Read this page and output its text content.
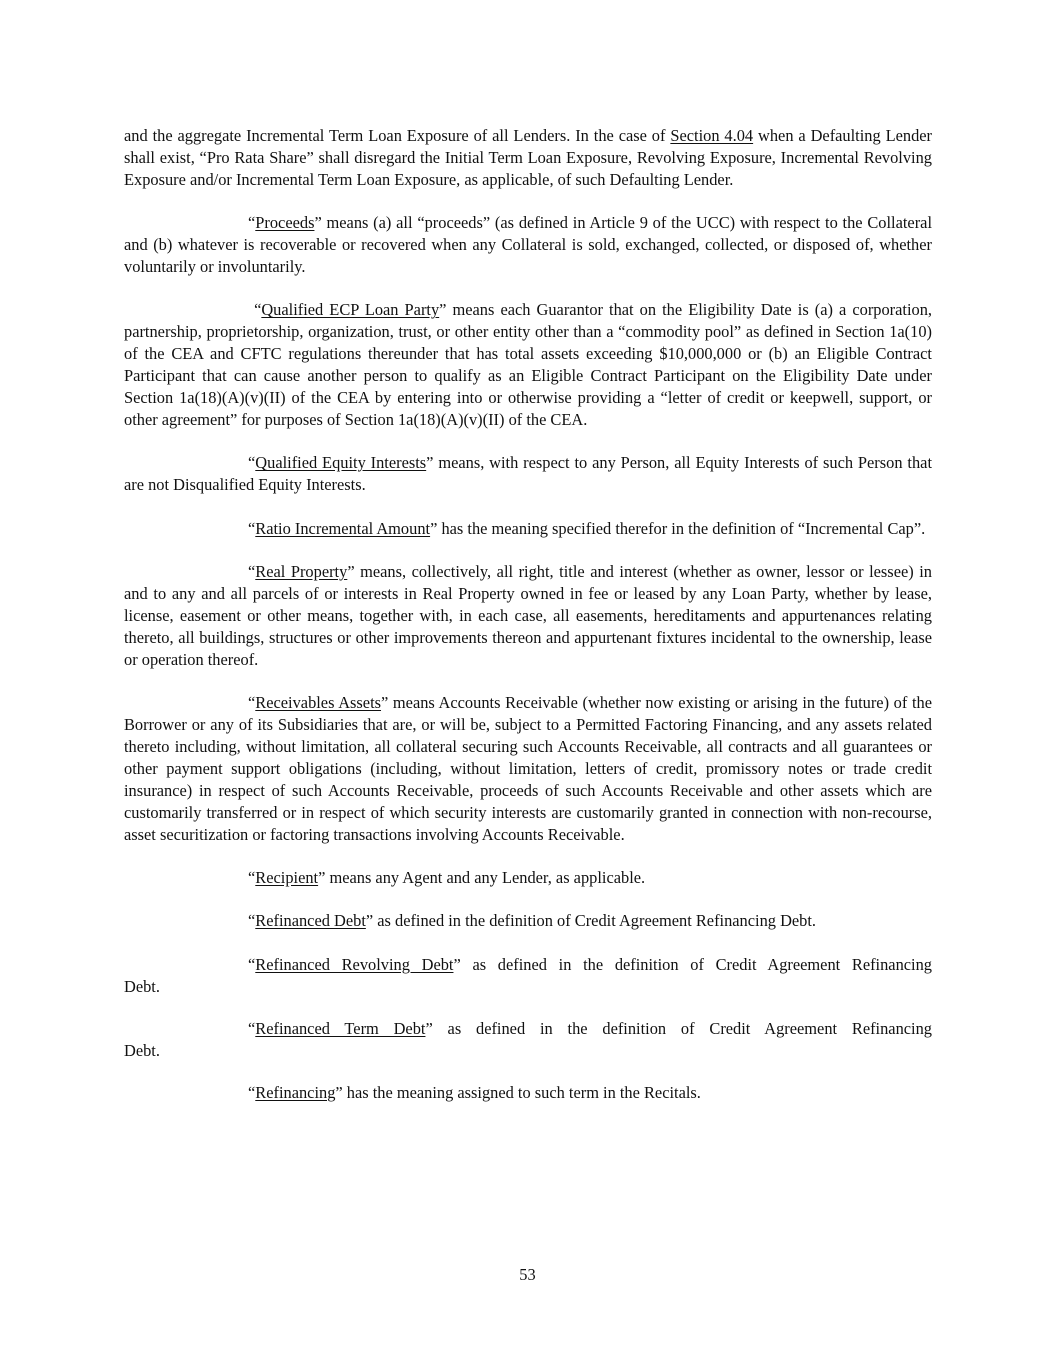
and the aggregate Incremental Term Loan Exposure of all Lenders. In the case of Section 4.04 when a Defaulting Lender shall exist, “Pro Rata Share” shall disregard the Initial Term Loan Exposure, Revolving Exposure, Incremental Revolving Exposure and/or Incremental Term Loan Exposure, as applicable, of such Defaulting Lender.

“Proceeds” means (a) all “proceeds” (as defined in Article 9 of the UCC) with respect to the Collateral and (b) whatever is recoverable or recovered when any Collateral is sold, exchanged, collected, or disposed of, whether voluntarily or involuntarily.

“Qualified ECP Loan Party” means each Guarantor that on the Eligibility Date is (a) a corporation, partnership, proprietorship, organization, trust, or other entity other than a “commodity pool” as defined in Section 1a(10) of the CEA and CFTC regulations thereunder that has total assets exceeding $10,000,000 or (b) an Eligible Contract Participant that can cause another person to qualify as an Eligible Contract Participant on the Eligibility Date under Section 1a(18)(A)(v)(II) of the CEA by entering into or otherwise providing a “letter of credit or keepwell, support, or other agreement” for purposes of Section 1a(18)(A)(v)(II) of the CEA.

“Qualified Equity Interests” means, with respect to any Person, all Equity Interests of such Person that are not Disqualified Equity Interests.

“Ratio Incremental Amount” has the meaning specified therefor in the definition of “Incremental Cap”.

“Real Property” means, collectively, all right, title and interest (whether as owner, lessor or lessee) in and to any and all parcels of or interests in Real Property owned in fee or leased by any Loan Party, whether by lease, license, easement or other means, together with, in each case, all easements, hereditaments and appurtenances relating thereto, all buildings, structures or other improvements thereon and appurtenant fixtures incidental to the ownership, lease or operation thereof.

“Receivables Assets” means Accounts Receivable (whether now existing or arising in the future) of the Borrower or any of its Subsidiaries that are, or will be, subject to a Permitted Factoring Financing, and any assets related thereto including, without limitation, all collateral securing such Accounts Receivable, all contracts and all guarantees or other payment support obligations (including, without limitation, letters of credit, promissory notes or trade credit insurance) in respect of such Accounts Receivable, proceeds of such Accounts Receivable and other assets which are customarily transferred or in respect of which security interests are customarily granted in connection with non-recourse, asset securitization or factoring transactions involving Accounts Receivable.

“Recipient” means any Agent and any Lender, as applicable.

“Refinanced Debt” as defined in the definition of Credit Agreement Refinancing Debt.

“Refinanced Revolving Debt” as defined in the definition of Credit Agreement Refinancing
Debt.
“Refinanced Term Debt” as defined in the definition of Credit Agreement Refinancing
Debt.

“Refinancing” has the meaning assigned to such term in the Recitals.

53
